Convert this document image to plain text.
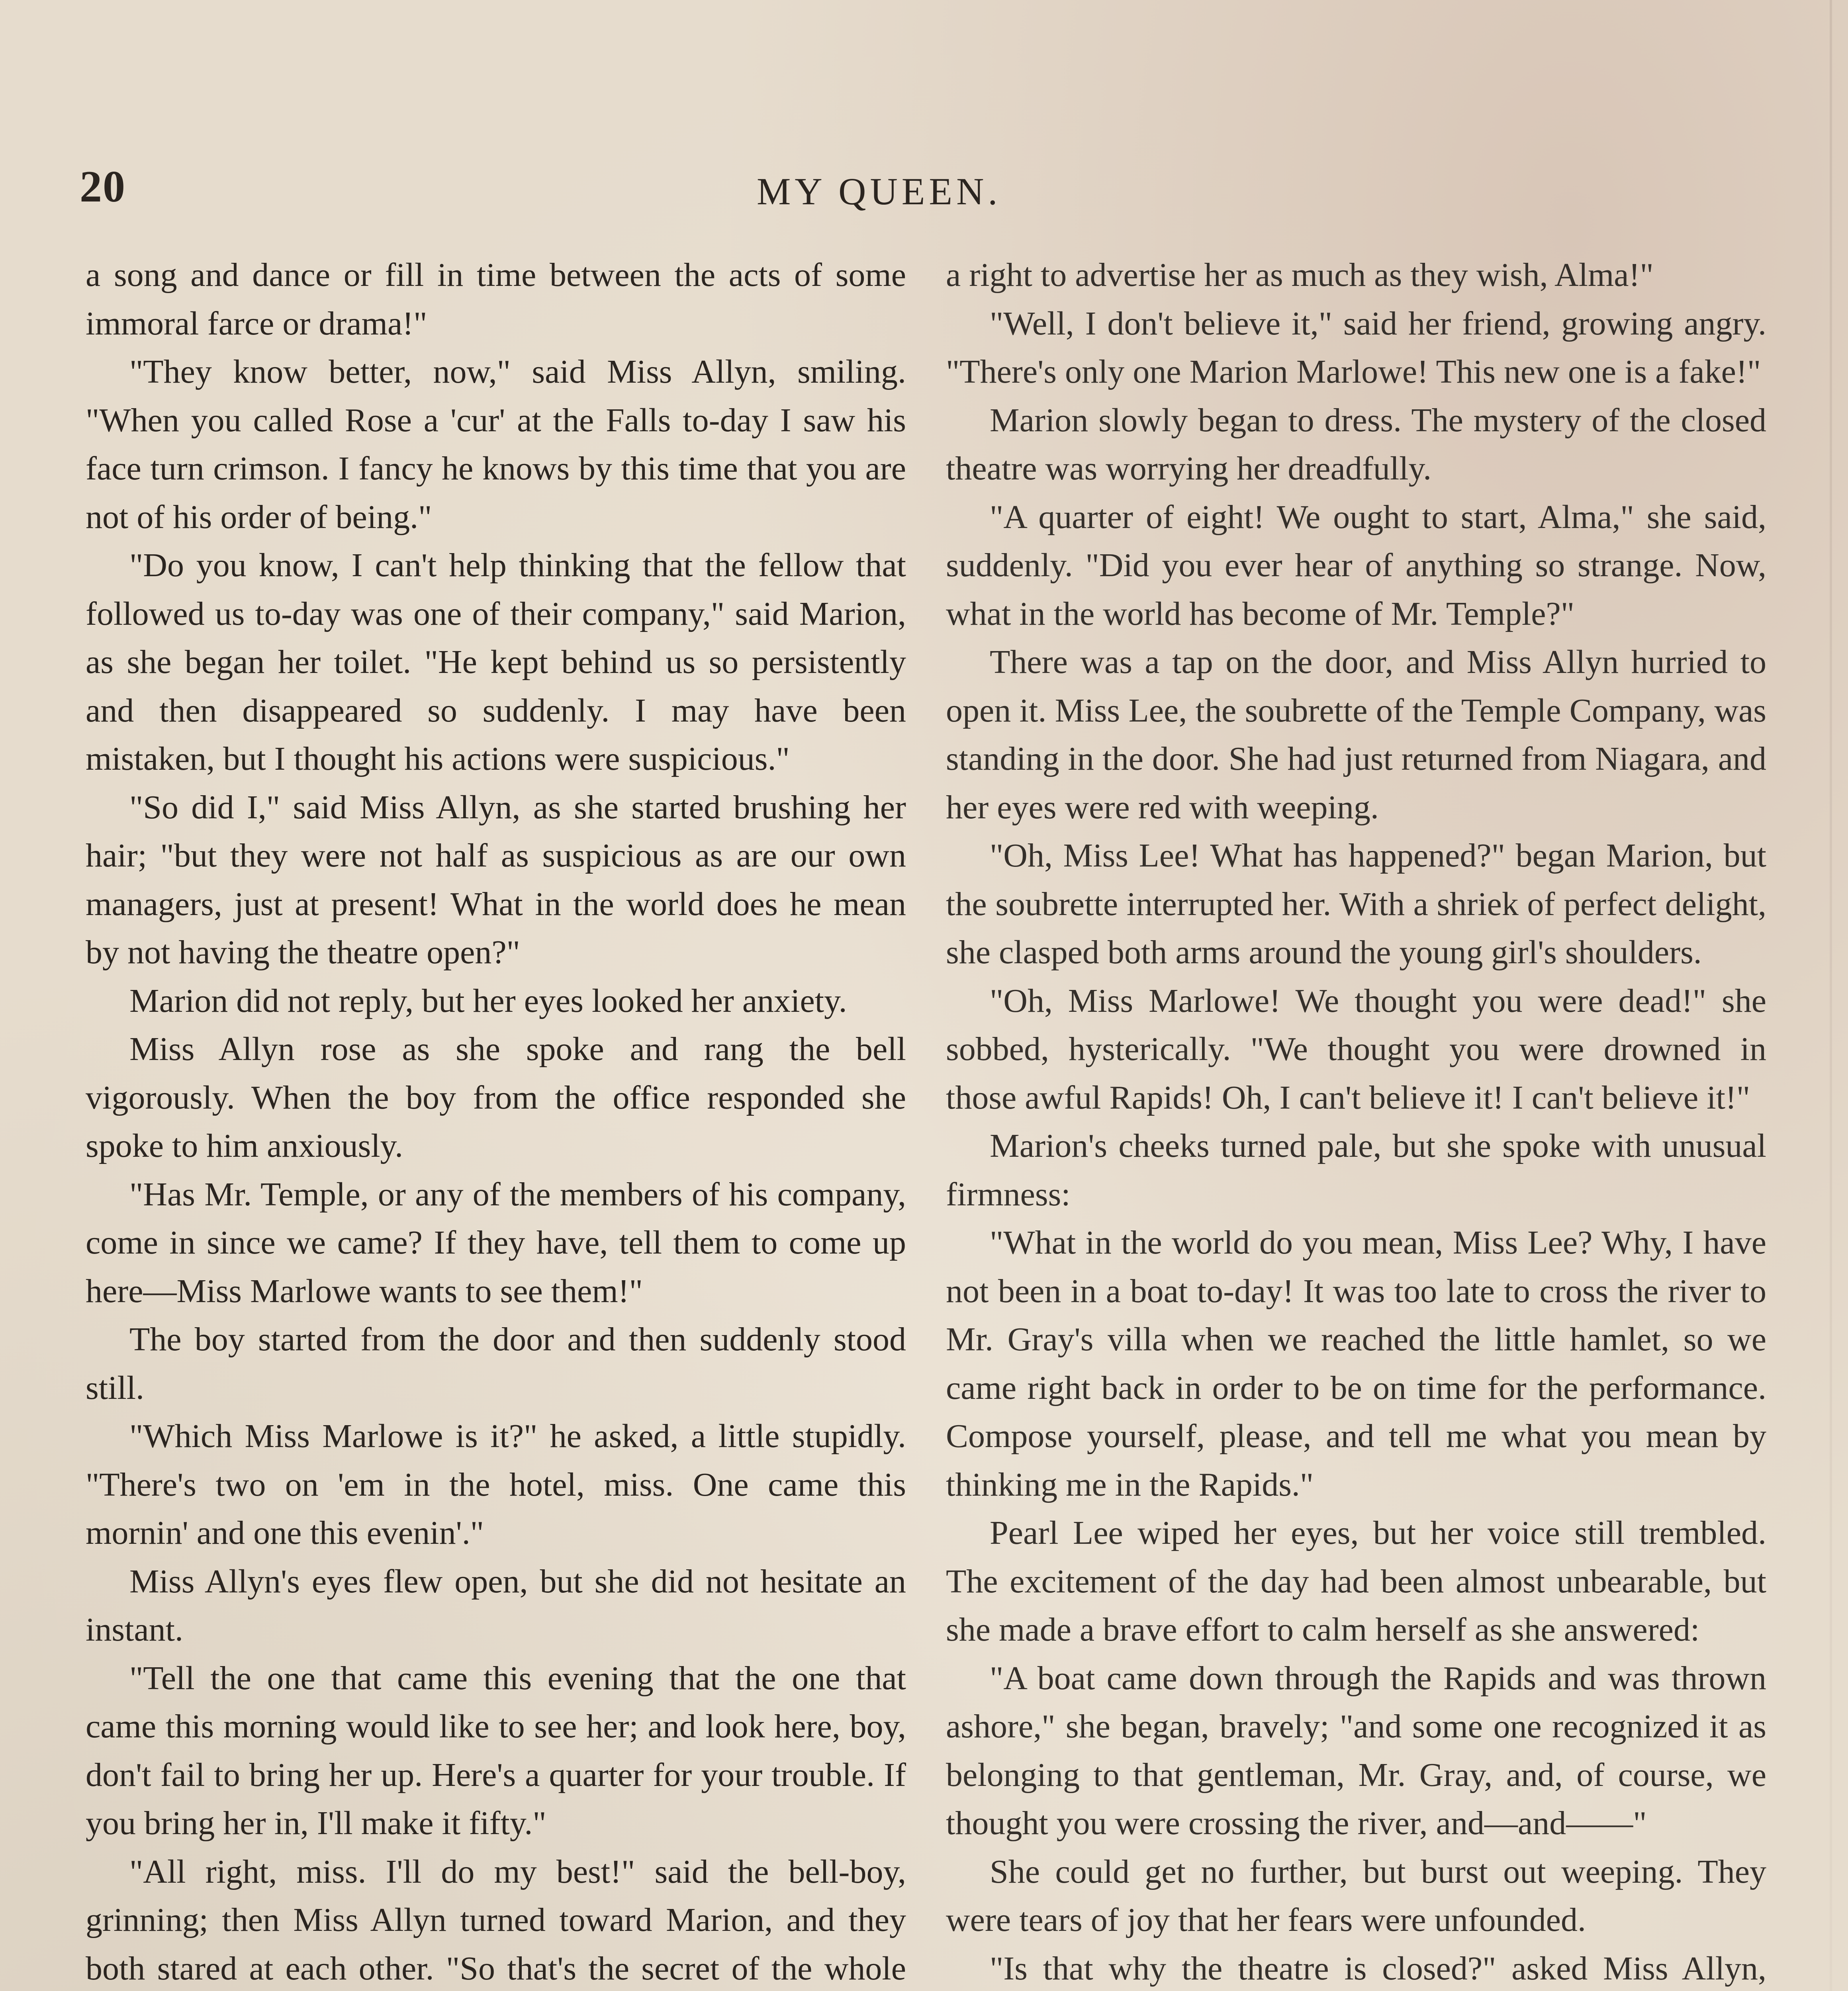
20	MY QUEEN.

a song and dance or fill in time between the acts of some immoral farce or drama!"

"They know better, now," said Miss Allyn, smiling. "When you called Rose a 'cur' at the Falls to-day I saw his face turn crimson. I fancy he knows by this time that you are not of his order of being."

"Do you know, I can't help thinking that the fellow that followed us to-day was one of their company," said Marion, as she began her toilet. "He kept behind us so persistently and then disappeared so suddenly. I may have been mistaken, but I thought his actions were suspicious."

"So did I," said Miss Allyn, as she started brushing her hair; "but they were not half as suspicious as are our own managers, just at present! What in the world does he mean by not having the theatre open?"

Marion did not reply, but her eyes looked her anxiety.

Miss Allyn rose as she spoke and rang the bell vigorously. When the boy from the office responded she spoke to him anxiously.

"Has Mr. Temple, or any of the members of his company, come in since we came? If they have, tell them to come up here—Miss Marlowe wants to see them!"

The boy started from the door and then suddenly stood still.

"Which Miss Marlowe is it?" he asked, a little stupidly. "There's two on 'em in the hotel, miss. One came this mornin' and one this evenin'."

Miss Allyn's eyes flew open, but she did not hesitate an instant.

"Tell the one that came this evening that the one that came this morning would like to see her; and look here, boy, don't fail to bring her up. Here's a quarter for your trouble. If you bring her in, I'll make it fifty."

"All right, miss. I'll do my best!" said the bell-boy, grinning; then Miss Allyn turned toward Marion, and they both stared at each other. "So that's the secret of the whole

a right to advertise her as much as they wish, Alma!"

"Well, I don't believe it," said her friend, growing angry. "There's only one Marion Marlowe! This new one is a fake!"

Marion slowly began to dress. The mystery of the closed theatre was worrying her dreadfully.

"A quarter of eight! We ought to start, Alma," she said, suddenly. "Did you ever hear of anything so strange. Now, what in the world has become of Mr. Temple?"

There was a tap on the door, and Miss Allyn hurried to open it. Miss Lee, the soubrette of the Temple Company, was standing in the door. She had just returned from Niagara, and her eyes were red with weeping.

"Oh, Miss Lee! What has happened?" began Marion, but the soubrette interrupted her. With a shriek of perfect delight, she clasped both arms around the young girl's shoulders.

"Oh, Miss Marlowe! We thought you were dead!" she sobbed, hysterically. "We thought you were drowned in those awful Rapids! Oh, I can't believe it! I can't believe it!"

Marion's cheeks turned pale, but she spoke with unusual firmness:

"What in the world do you mean, Miss Lee? Why, I have not been in a boat to-day! It was too late to cross the river to Mr. Gray's villa when we reached the little hamlet, so we came right back in order to be on time for the performance. Compose yourself, please, and tell me what you mean by thinking me in the Rapids."

Pearl Lee wiped her eyes, but her voice still trembled. The excitement of the day had been almost unbearable, but she made a brave effort to calm herself as she answered:

"A boat came down through the Rapids and was thrown ashore," she began, bravely; "and some one recognized it as belonging to that gentleman, Mr. Gray, and, of course, we thought you were crossing the river, and—and——"

She could get no further, but burst out weeping. They were tears of joy that her fears were unfounded.

"Is that why the theatre is closed?" asked Miss Allyn,
